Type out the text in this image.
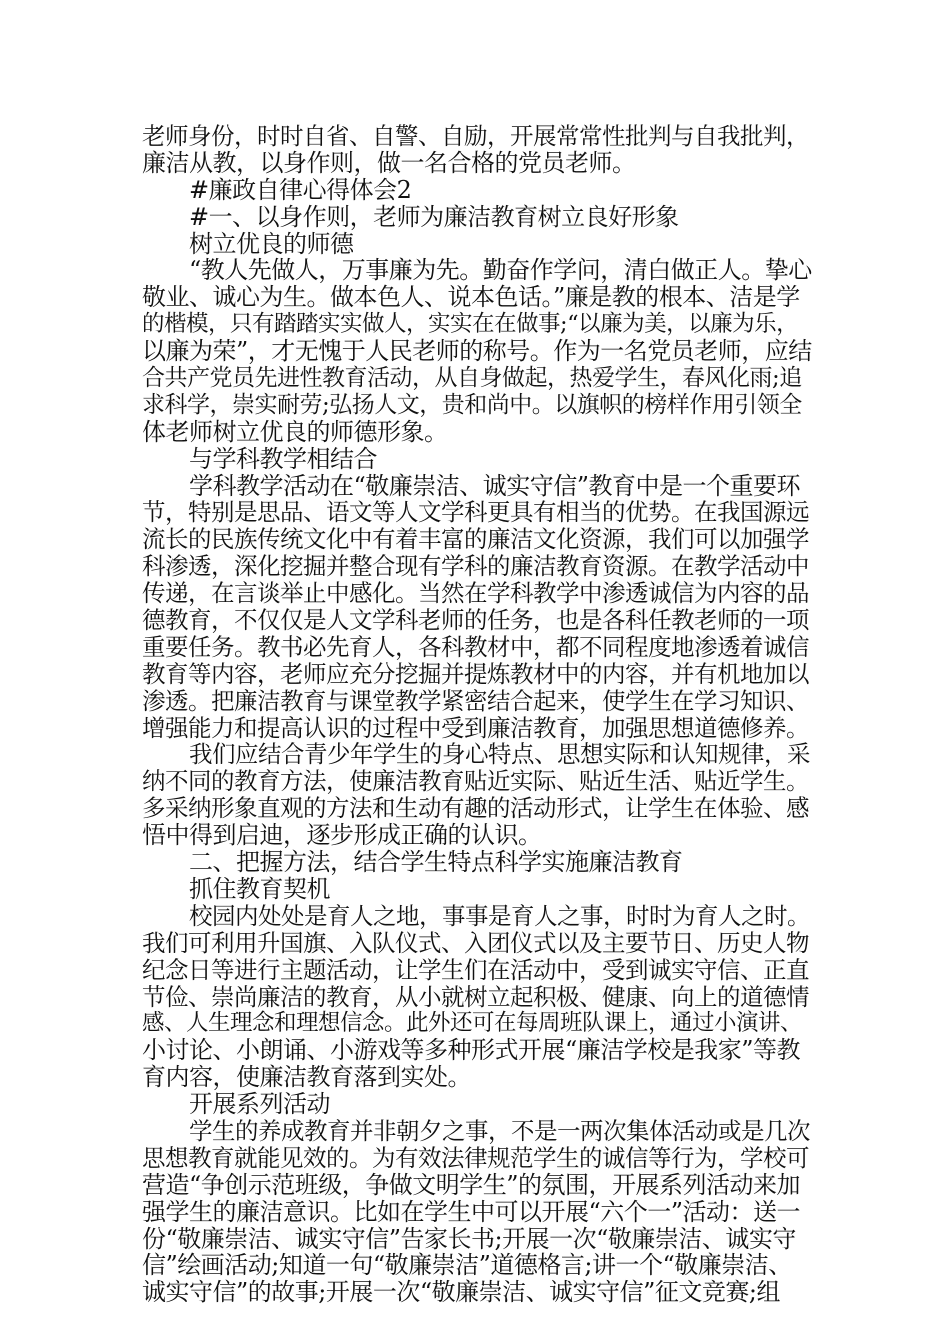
老师身份，时时自省、自警、自励，开展常常性批判与自我批判，
廉洁从教，以身作则，做一名合格的党员老师。
#廉政自律心得体会2
#一、以身作则，老师为廉洁教育树立良好形象
树立优良的师德
“教人先做人，万事廉为先。勤奋作学问，清白做正人。挚心
敬业、诚心为生。做本色人、说本色话。”廉是教的根本、洁是学
的楷模，只有踏踏实实做人，实实在在做事;“以廉为美，以廉为乐，
以廉为荣”，才无愧于人民老师的称号。作为一名党员老师，应结
合共产党员先进性教育活动，从自身做起，热爱学生，春风化雨;追
求科学，崇实耐劳;弘扬人文，贵和尚中。以旗帜的榜样作用引领全
体老师树立优良的师德形象。
与学科教学相结合
学科教学活动在“敬廉崇洁、诚实守信”教育中是一个重要环
节，特别是思品、语文等人文学科更具有相当的优势。在我国源远
流长的民族传统文化中有着丰富的廉洁文化资源，我们可以加强学
科渗透，深化挖掘并整合现有学科的廉洁教育资源。在教学活动中
传递，在言谈举止中感化。当然在学科教学中渗透诚信为内容的品
德教育，不仅仅是人文学科老师的任务，也是各科任教老师的一项
重要任务。教书必先育人，各科教材中，都不同程度地渗透着诚信
教育等内容，老师应充分挖掘并提炼教材中的内容，并有机地加以
渗透。把廉洁教育与课堂教学紧密结合起来，使学生在学习知识、
增强能力和提高认识的过程中受到廉洁教育，加强思想道德修养。
我们应结合青少年学生的身心特点、思想实际和认知规律，采
纳不同的教育方法，使廉洁教育贴近实际、贴近生活、贴近学生。
多采纳形象直观的方法和生动有趣的活动形式，让学生在体验、感
悟中得到启迪，逐步形成正确的认识。
二、把握方法，结合学生特点科学实施廉洁教育
抓住教育契机
校园内处处是育人之地，事事是育人之事，时时为育人之时。
我们可利用升国旗、入队仪式、入团仪式以及主要节日、历史人物
纪念日等进行主题活动，让学生们在活动中，受到诚实守信、正直
节俭、崇尚廉洁的教育，从小就树立起积极、健康、向上的道德情
感、人生理念和理想信念。此外还可在每周班队课上，通过小演讲、
小讨论、小朗诵、小游戏等多种形式开展“廉洁学校是我家”等教
育内容，使廉洁教育落到实处。
开展系列活动
学生的养成教育并非朝夕之事，不是一两次集体活动或是几次
思想教育就能见效的。为有效法律规范学生的诚信等行为，学校可
营造“争创示范班级，争做文明学生”的氛围，开展系列活动来加
强学生的廉洁意识。比如在学生中可以开展“六个一”活动：送一
份“敬廉崇洁、诚实守信”告家长书;开展一次“敬廉崇洁、诚实守
信”绘画活动;知道一句“敬廉崇洁”道德格言;讲一个“敬廉崇洁、
诚实守信”的故事;开展一次“敬廉崇洁、诚实守信”征文竞赛;组
